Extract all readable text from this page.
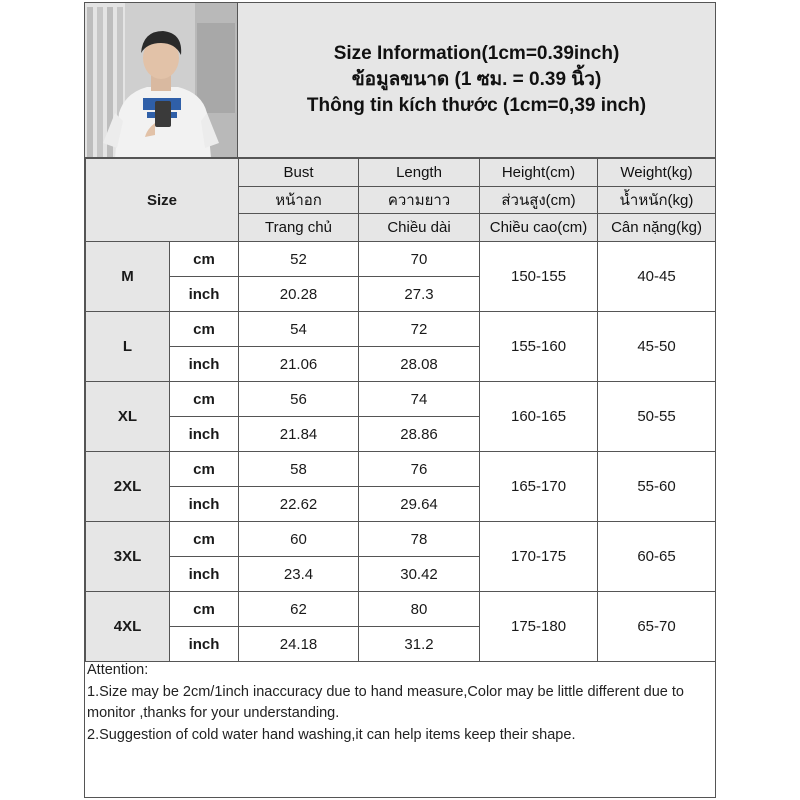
Size Information(1cm=0.39inch)
ข้อมูลขนาด (1 ซม. = 0.39 นิ้ว)
Thông tin kích thước (1cm=0,39 inch)
Size		Bust	Length	Height(cm)	Weight(kg)
		หน้าอก	ความยาว	ส่วนสูง(cm)	น้ำหนัก(kg)
		Trang chủ	Chiều dài	Chiều cao(cm)	Cân nặng(kg)
M	cm	52	70	150-155	40-45
	inch	20.28	27.3		
L	cm	54	72	155-160	45-50
	inch	21.06	28.08		
XL	cm	56	74	160-165	50-55
	inch	21.84	28.86		
2XL	cm	58	76	165-170	55-60
	inch	22.62	29.64		
3XL	cm	60	78	170-175	60-65
	inch	23.4	30.42		
4XL	cm	62	80	175-180	65-70
	inch	24.18	31.2		
Attention:
1.Size may be 2cm/1inch inaccuracy due to hand measure,Color may be little different due to monitor ,thanks for your understanding.
2.Suggestion of cold water hand washing,it can help items keep their shape.
